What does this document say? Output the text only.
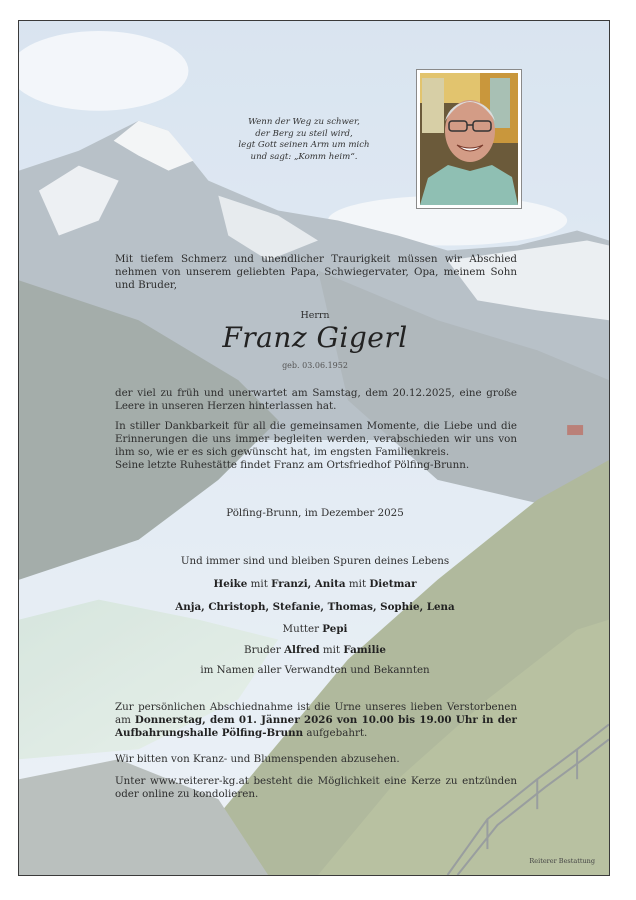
Wenn der Weg zu schwer,
der Berg zu steil wird,
legt Gott seinen Arm um mich
und sagt: „Komm heim“.
Mit tiefem Schmerz und unendlicher Traurigkeit müssen wir Abschied nehmen von unserem geliebten Papa, Schwiegervater, Opa, meinem Sohn und Bruder,
Herrn
Franz Gigerl
geb. 03.06.1952
der viel zu früh und unerwartet am Samstag, dem 20.12.2025, eine große Leere in unseren Herzen hinterlassen hat.
In stiller Dankbarkeit für all die gemeinsamen Momente, die Liebe und die Erinnerungen die uns immer begleiten werden, verabschieden wir uns von ihm so, wie er es sich gewünscht hat, im engsten Familienkreis.
Seine letzte Ruhestätte findet Franz am Ortsfriedhof Pölfing-Brunn.
Pölfing-Brunn, im Dezember 2025
Und immer sind und bleiben Spuren deines Lebens
Heike mit Franzi, Anita mit Dietmar
Anja, Christoph, Stefanie, Thomas, Sophie, Lena
Mutter Pepi
Bruder Alfred mit Familie
im Namen aller Verwandten und Bekannten
Zur persönlichen Abschiednahme ist die Urne unseres lieben Verstorbenen am Donnerstag, dem 01. Jänner 2026 von 10.00 bis 19.00 Uhr in der Aufbahrungshalle Pölfing-Brunn aufgebahrt.
Wir bitten von Kranz- und Blumenspenden abzusehen.
Unter www.reiterer-kg.at besteht die Möglichkeit eine Kerze zu entzünden oder online zu kondolieren.
Reiterer Bestattung
